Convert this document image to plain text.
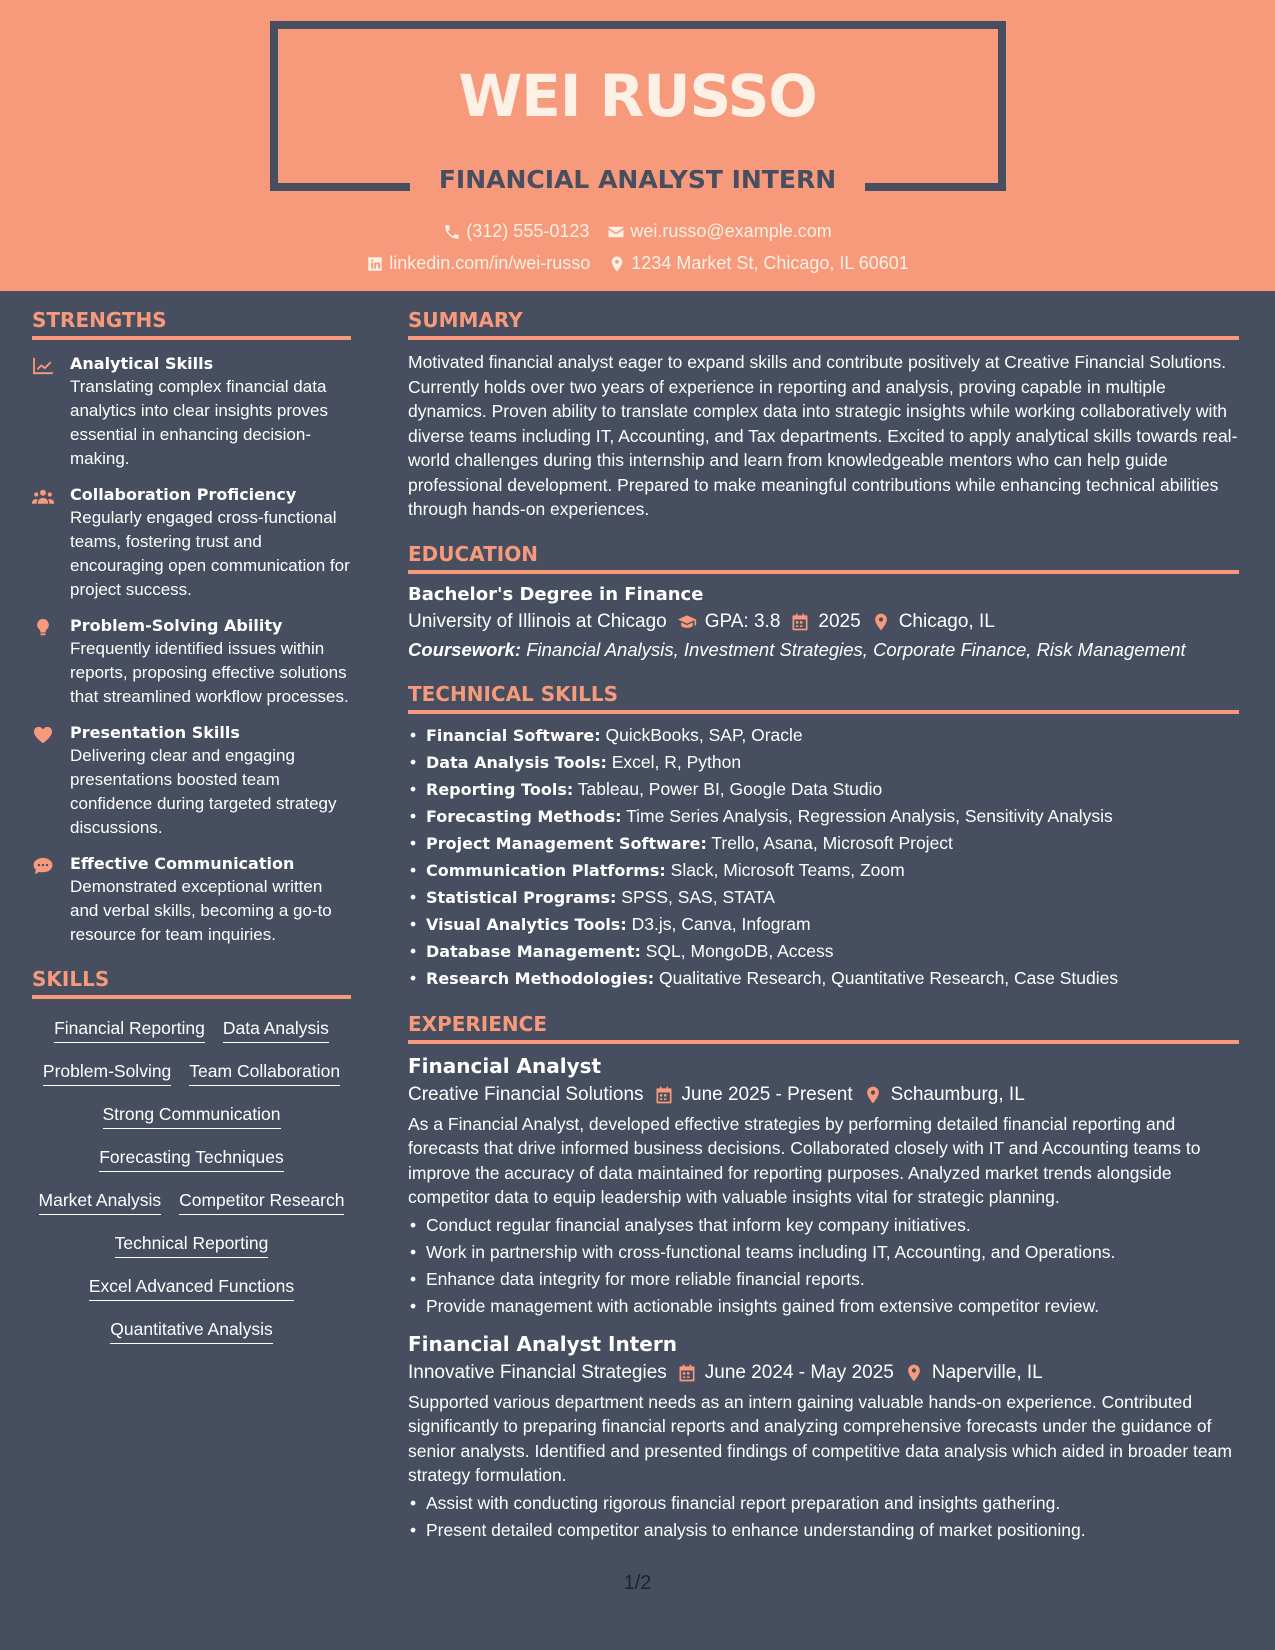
WEI RUSSO
FINANCIAL ANALYST INTERN
(312) 555-0123 wei.russo@example.com
linkedin.com/in/wei-russo 1234 Market St, Chicago, IL 60601
STRENGTHS
Analytical Skills
Translating complex financial data analytics into clear insights proves essential in enhancing decision-making.
Collaboration Proficiency
Regularly engaged cross-functional teams, fostering trust and encouraging open communication for project success.
Problem-Solving Ability
Frequently identified issues within reports, proposing effective solutions that streamlined workflow processes.
Presentation Skills
Delivering clear and engaging presentations boosted team confidence during targeted strategy discussions.
Effective Communication
Demonstrated exceptional written and verbal skills, becoming a go-to resource for team inquiries.
SKILLS
Financial Reporting Data Analysis
Problem-Solving Team Collaboration
Strong Communication
Forecasting Techniques
Market Analysis Competitor Research
Technical Reporting
Excel Advanced Functions
Quantitative Analysis
SUMMARY
Motivated financial analyst eager to expand skills and contribute positively at Creative Financial Solutions. Currently holds over two years of experience in reporting and analysis, proving capable in multiple dynamics. Proven ability to translate complex data into strategic insights while working collaboratively with diverse teams including IT, Accounting, and Tax departments. Excited to apply analytical skills towards real-world challenges during this internship and learn from knowledgeable mentors who can help guide professional development. Prepared to make meaningful contributions while enhancing technical abilities through hands-on experiences.
EDUCATION
Bachelor's Degree in Finance
University of Illinois at Chicago GPA: 3.8 2025 Chicago, IL
Coursework: Financial Analysis, Investment Strategies, Corporate Finance, Risk Management
TECHNICAL SKILLS
• Financial Software: QuickBooks, SAP, Oracle
• Data Analysis Tools: Excel, R, Python
• Reporting Tools: Tableau, Power BI, Google Data Studio
• Forecasting Methods: Time Series Analysis, Regression Analysis, Sensitivity Analysis
• Project Management Software: Trello, Asana, Microsoft Project
• Communication Platforms: Slack, Microsoft Teams, Zoom
• Statistical Programs: SPSS, SAS, STATA
• Visual Analytics Tools: D3.js, Canva, Infogram
• Database Management: SQL, MongoDB, Access
• Research Methodologies: Qualitative Research, Quantitative Research, Case Studies
EXPERIENCE
Financial Analyst
Creative Financial Solutions June 2025 - Present Schaumburg, IL
As a Financial Analyst, developed effective strategies by performing detailed financial reporting and forecasts that drive informed business decisions. Collaborated closely with IT and Accounting teams to improve the accuracy of data maintained for reporting purposes. Analyzed market trends alongside competitor data to equip leadership with valuable insights vital for strategic planning.
• Conduct regular financial analyses that inform key company initiatives.
• Work in partnership with cross-functional teams including IT, Accounting, and Operations.
• Enhance data integrity for more reliable financial reports.
• Provide management with actionable insights gained from extensive competitor review.
Financial Analyst Intern
Innovative Financial Strategies June 2024 - May 2025 Naperville, IL
Supported various department needs as an intern gaining valuable hands-on experience. Contributed significantly to preparing financial reports and analyzing comprehensive forecasts under the guidance of senior analysts. Identified and presented findings of competitive data analysis which aided in broader team strategy formulation.
• Assist with conducting rigorous financial report preparation and insights gathering.
• Present detailed competitor analysis to enhance understanding of market positioning.
1/2
